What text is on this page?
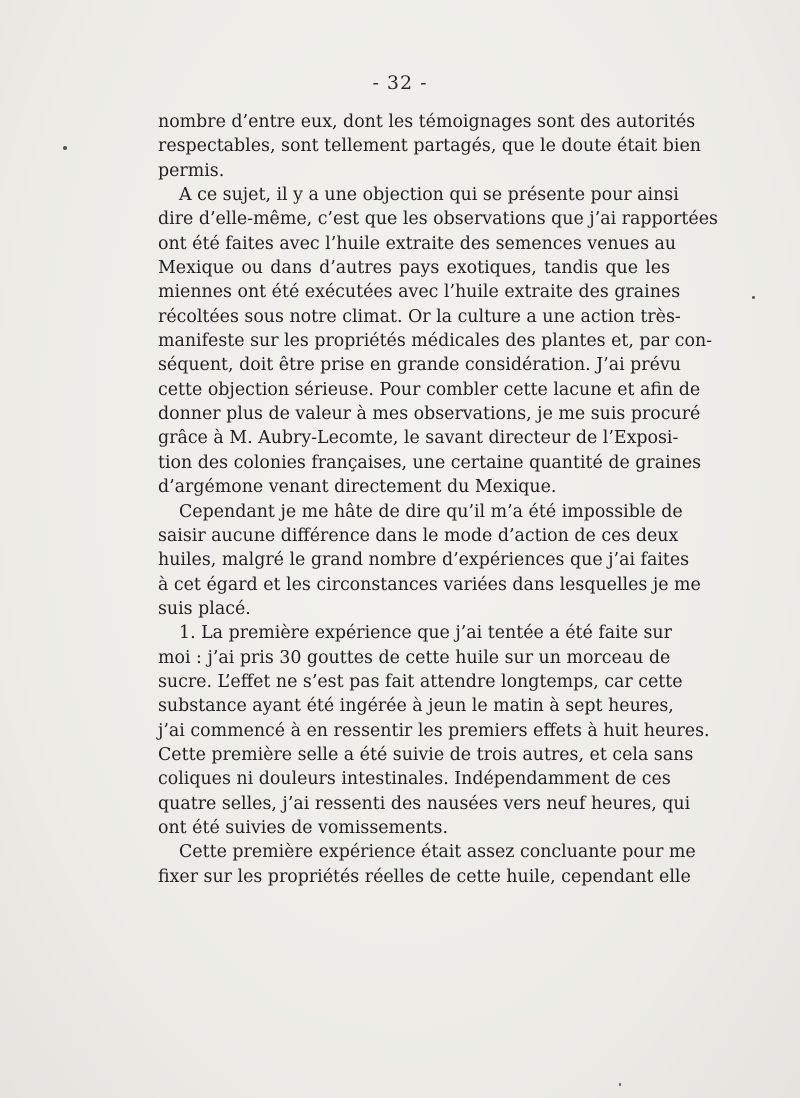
- 32 -
nombre d’entre eux, dont les témoignages sont des autorités
respectables, sont tellement partagés, que le doute était bien
permis.
A ce sujet, il y a une objection qui se présente pour ainsi
dire d’elle-même, c’est que les observations que j’ai rapportées
ont été faites avec l’huile extraite des semences venues au
Mexique ou dans d’autres pays exotiques, tandis que les
miennes ont été exécutées avec l’huile extraite des graines
récoltées sous notre climat. Or la culture a une action très-
manifeste sur les propriétés médicales des plantes et, par con-
séquent, doit être prise en grande considération. J’ai prévu
cette objection sérieuse. Pour combler cette lacune et afin de
donner plus de valeur à mes observations, je me suis procuré
grâce à M. Aubry-Lecomte, le savant directeur de l’Exposi-
tion des colonies françaises, une certaine quantité de graines
d’argémone venant directement du Mexique.
Cependant je me hâte de dire qu’il m’a été impossible de
saisir aucune différence dans le mode d’action de ces deux
huiles, malgré le grand nombre d’expériences que j’ai faites
à cet égard et les circonstances variées dans lesquelles je me
suis placé.
1. La première expérience que j’ai tentée a été faite sur
moi : j’ai pris 30 gouttes de cette huile sur un morceau de
sucre. L’effet ne s’est pas fait attendre longtemps, car cette
substance ayant été ingérée à jeun le matin à sept heures,
j’ai commencé à en ressentir les premiers effets à huit heures.
Cette première selle a été suivie de trois autres, et cela sans
coliques ni douleurs intestinales. Indépendamment de ces
quatre selles, j’ai ressenti des nausées vers neuf heures, qui
ont été suivies de vomissements.
Cette première expérience était assez concluante pour me
fixer sur les propriétés réelles de cette huile, cependant elle
